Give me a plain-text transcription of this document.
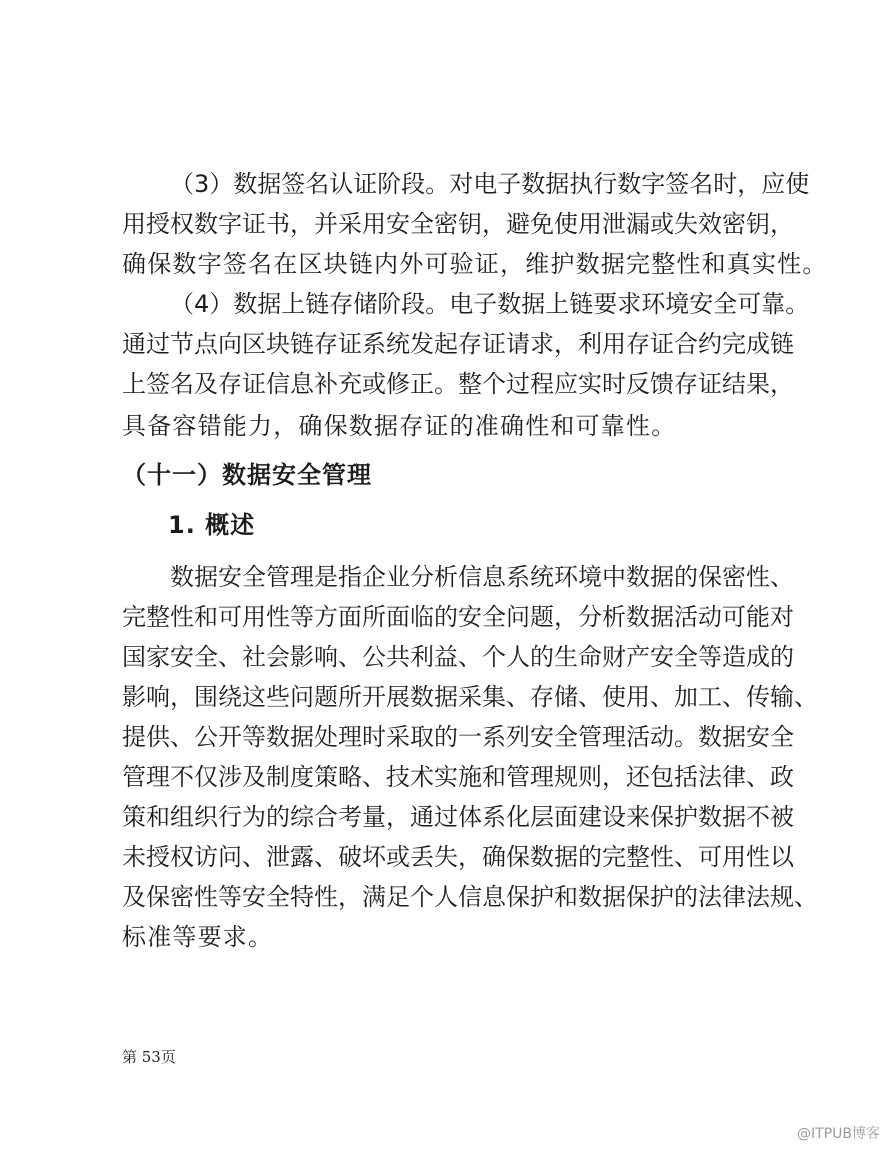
（3）数据签名认证阶段。对电子数据执行数字签名时，应使
用授权数字证书，并采用安全密钥，避免使用泄漏或失效密钥，
确保数字签名在区块链内外可验证，维护数据完整性和真实性。
（4）数据上链存储阶段。电子数据上链要求环境安全可靠。
通过节点向区块链存证系统发起存证请求，利用存证合约完成链
上签名及存证信息补充或修正。整个过程应实时反馈存证结果，
具备容错能力，确保数据存证的准确性和可靠性。
（十一）数据安全管理
1. 概述
数据安全管理是指企业分析信息系统环境中数据的保密性、
完整性和可用性等方面所面临的安全问题，分析数据活动可能对
国家安全、社会影响、公共利益、个人的生命财产安全等造成的
影响，围绕这些问题所开展数据采集、存储、使用、加工、传输、
提供、公开等数据处理时采取的一系列安全管理活动。数据安全
管理不仅涉及制度策略、技术实施和管理规则，还包括法律、政
策和组织行为的综合考量，通过体系化层面建设来保护数据不被
未授权访问、泄露、破坏或丢失，确保数据的完整性、可用性以
及保密性等安全特性，满足个人信息保护和数据保护的法律法规、
标准等要求。
第 53页
@ITPUB博客
